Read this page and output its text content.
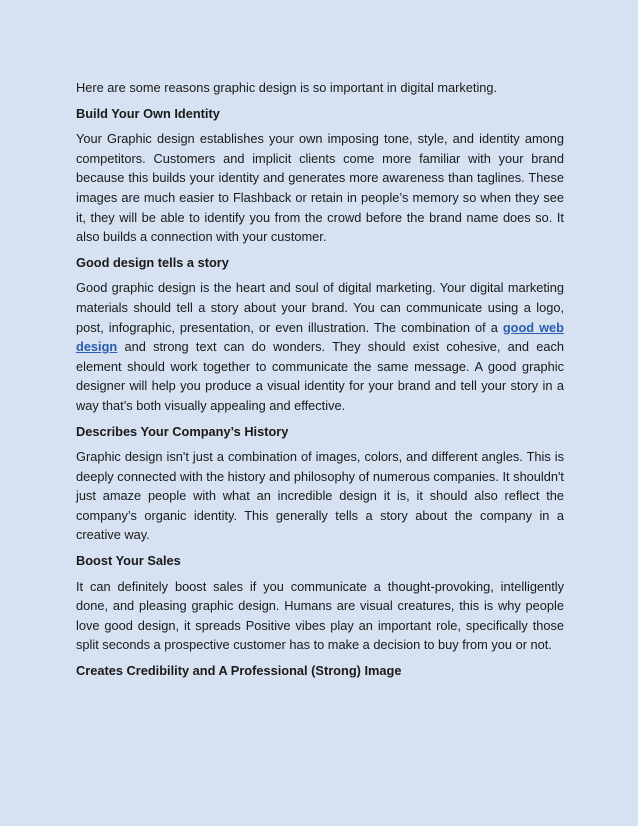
Here are some reasons graphic design is so important in digital marketing.

Build Your Own Identity

Your Graphic design establishes your own imposing tone, style, and identity among competitors. Customers and implicit clients come more familiar with your brand because this builds your identity and generates more awareness than taglines. These images are much easier to Flashback or retain in people’s memory so when they see it, they will be able to identify you from the crowd before the brand name does so. It also builds a connection with your customer.

Good design tells a story

Good graphic design is the heart and soul of digital marketing. Your digital marketing materials should tell a story about your brand. You can communicate using a logo, post, infographic, presentation, or even illustration. The combination of a good web design and strong text can do wonders. They should exist cohesive, and each element should work together to communicate the same message. A good graphic designer will help you produce a visual identity for your brand and tell your story in a way that’s both visually appealing and effective.

Describes Your Company’s History

Graphic design isn't just a combination of images, colors, and different angles. This is deeply connected with the history and philosophy of numerous companies. It shouldn't just amaze people with what an incredible design it is, it should also reflect the company’s organic identity. This generally tells a story about the company in a creative way.

Boost Your Sales

It can definitely boost sales if you communicate a thought-provoking, intelligently done, and pleasing graphic design. Humans are visual creatures, this is why people love good design, it spreads Positive vibes play an important role, specifically those split seconds a prospective customer has to make a decision to buy from you or not.

Creates Credibility and A Professional (Strong) Image
